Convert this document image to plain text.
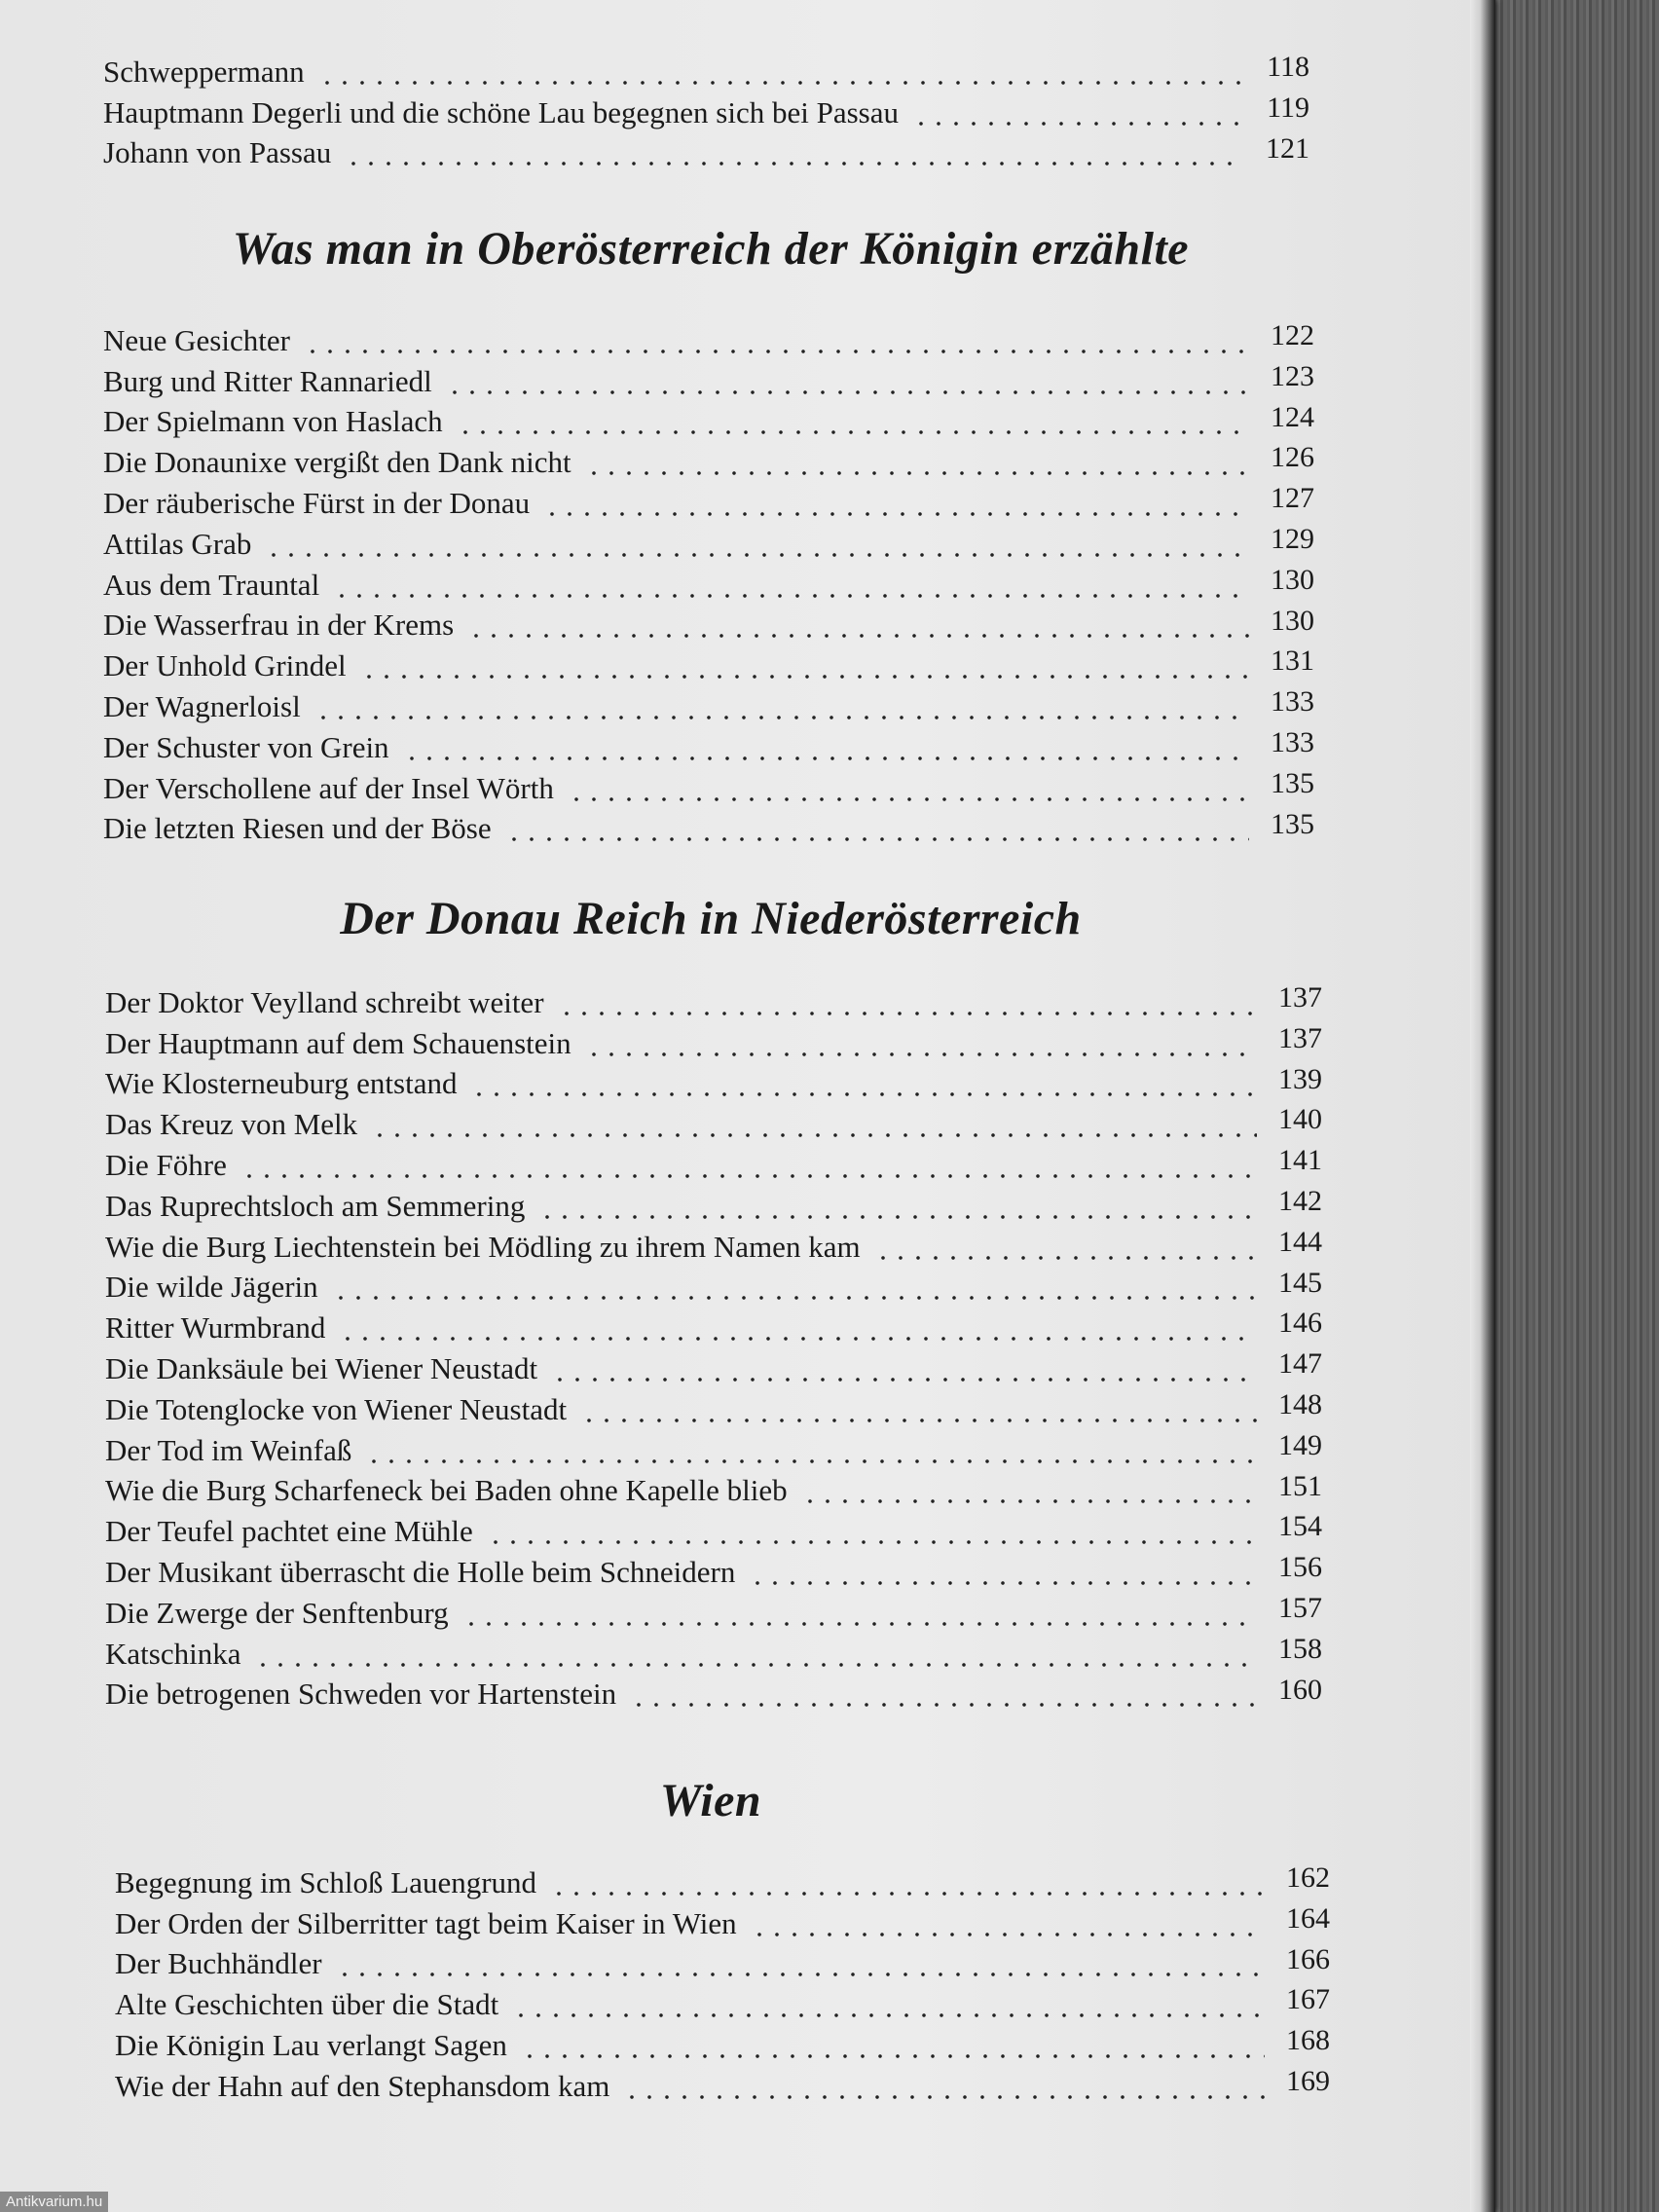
Schweppermann	118
Hauptmann Degerli und die schöne Lau begegnen sich bei Passau	119
Johann von Passau	121
Was man in Oberösterreich der Königin erzählte
Neue Gesichter	122
Burg und Ritter Rannariedl	123
Der Spielmann von Haslach	124
Die Donaunixe vergißt den Dank nicht	126
Der räuberische Fürst in der Donau	127
Attilas Grab	129
Aus dem Trauntal	130
Die Wasserfrau in der Krems	130
Der Unhold Grindel	131
Der Wagnerloisl	133
Der Schuster von Grein	133
Der Verschollene auf der Insel Wörth	135
Die letzten Riesen und der Böse	135
Der Donau Reich in Niederösterreich
Der Doktor Veylland schreibt weiter	137
Der Hauptmann auf dem Schauenstein	137
Wie Klosterneuburg entstand	139
Das Kreuz von Melk	140
Die Föhre	141
Das Ruprechtsloch am Semmering	142
Wie die Burg Liechtenstein bei Mödling zu ihrem Namen kam	144
Die wilde Jägerin	145
Ritter Wurmbrand	146
Die Danksäule bei Wiener Neustadt	147
Die Totenglocke von Wiener Neustadt	148
Der Tod im Weinfaß	149
Wie die Burg Scharfeneck bei Baden ohne Kapelle blieb	151
Der Teufel pachtet eine Mühle	154
Der Musikant überrascht die Holle beim Schneidern	156
Die Zwerge der Senftenburg	157
Katschinka	158
Die betrogenen Schweden vor Hartenstein	160
Wien
Begegnung im Schloß Lauengrund	162
Der Orden der Silberritter tagt beim Kaiser in Wien	164
Der Buchhändler	166
Alte Geschichten über die Stadt	167
Die Königin Lau verlangt Sagen	168
Wie der Hahn auf den Stephansdom kam	169
Antikvarium.hu
